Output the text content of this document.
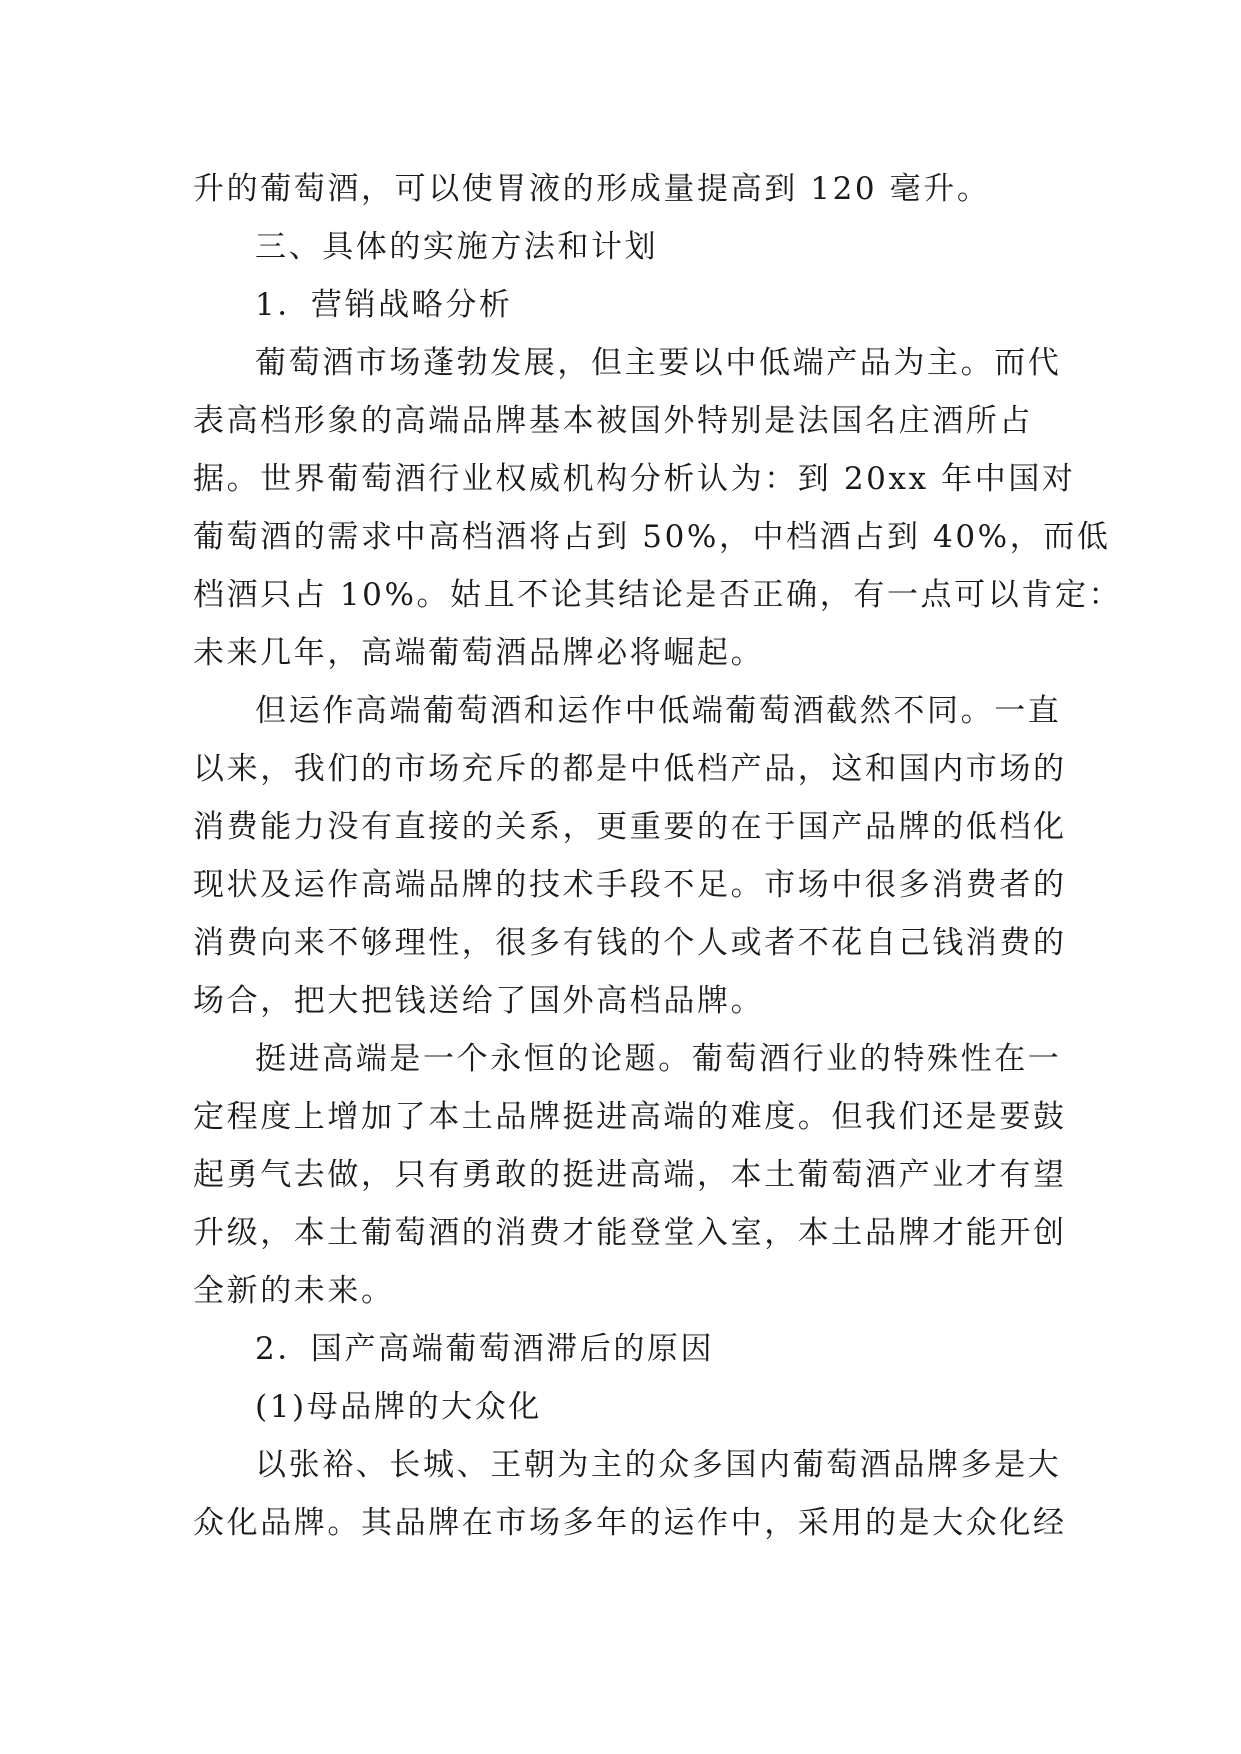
升的葡萄酒，可以使胃液的形成量提高到 120 毫升。
三、具体的实施方法和计划
1．营销战略分析
葡萄酒市场蓬勃发展，但主要以中低端产品为主。而代
表高档形象的高端品牌基本被国外特别是法国名庄酒所占
据。世界葡萄酒行业权威机构分析认为：到 20xx 年中国对
葡萄酒的需求中高档酒将占到 50%，中档酒占到 40%，而低
档酒只占 10%。姑且不论其结论是否正确，有一点可以肯定：
未来几年，高端葡萄酒品牌必将崛起。
但运作高端葡萄酒和运作中低端葡萄酒截然不同。一直
以来，我们的市场充斥的都是中低档产品，这和国内市场的
消费能力没有直接的关系，更重要的在于国产品牌的低档化
现状及运作高端品牌的技术手段不足。市场中很多消费者的
消费向来不够理性，很多有钱的个人或者不花自己钱消费的
场合，把大把钱送给了国外高档品牌。
挺进高端是一个永恒的论题。葡萄酒行业的特殊性在一
定程度上增加了本土品牌挺进高端的难度。但我们还是要鼓
起勇气去做，只有勇敢的挺进高端，本土葡萄酒产业才有望
升级，本土葡萄酒的消费才能登堂入室，本土品牌才能开创
全新的未来。
2．国产高端葡萄酒滞后的原因
(1)母品牌的大众化
以张裕、长城、王朝为主的众多国内葡萄酒品牌多是大
众化品牌。其品牌在市场多年的运作中，采用的是大众化经
